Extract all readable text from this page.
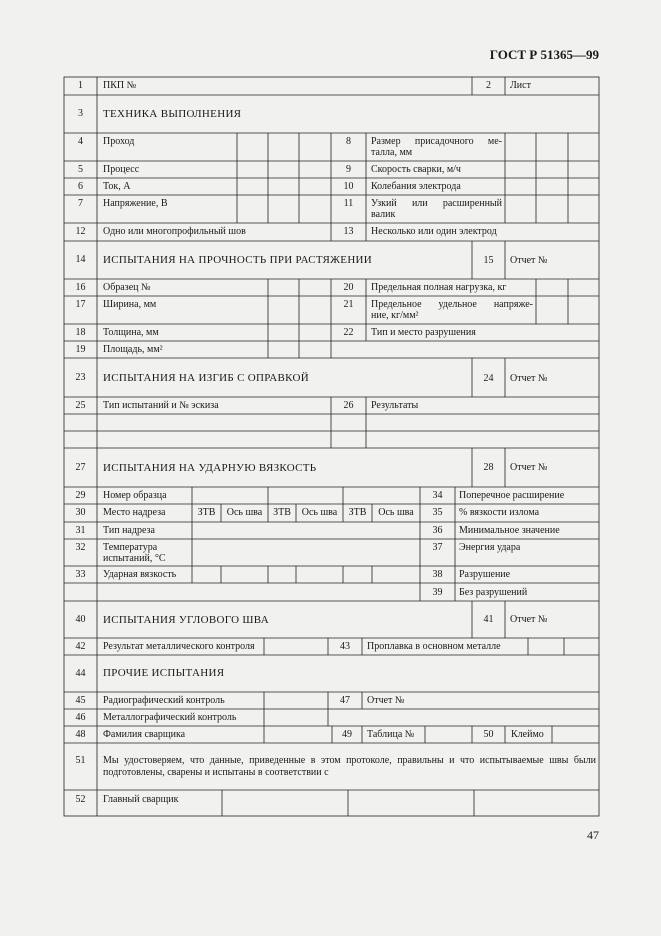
ГОСТ Р 51365—99
1	ПКП №	2	Лист
3	ТЕХНИКА ВЫПОЛНЕНИЯ
4	Проход	8	Размер присадочного ме-
талла, мм
5	Процесс	9	Скорость сварки, м/ч
6	Ток, А	10	Колебания электрода
7	Напряжение, В	11	Узкий или расширенный
валик
12	Одно или многопрофильный шов	13	Несколько или один электрод
14	ИСПЫТАНИЯ НА ПРОЧНОСТЬ ПРИ РАСТЯЖЕНИИ	15	Отчет №
16	Образец №	20	Предельная полная нагрузка, кг
17	Ширина, мм	21	Предельное удельное напряже-
ние, кг/мм²
18	Толщина, мм	22	Тип и место разрушения
19	Площадь, мм²
23	ИСПЫТАНИЯ НА ИЗГИБ С ОПРАВКОЙ	24	Отчет №
25	Тип испытаний и № эскиза	26	Результаты
27	ИСПЫТАНИЯ НА УДАРНУЮ ВЯЗКОСТЬ	28	Отчет №
29	Номер образца	34	Поперечное расширение
30	Место надреза	ЗТВ	Ось шва	ЗТВ	Ось шва	ЗТВ	Ось шва	35	% вязкости излома
31	Тип надреза	36	Минимальное значение
32	Температура
испытаний, °С
37	Энергия удара
33	Ударная вязкость	38	Разрушение
39	Без разрушений
40	ИСПЫТАНИЯ УГЛОВОГО ШВА	41	Отчет №
42	Результат металлического контроля	43	Проплавка в основном металле
44	ПРОЧИЕ ИСПЫТАНИЯ
45	Радиографический контроль	47	Отчет №
46	Металлографический контроль
48	Фамилия сварщика	49	Таблица №	50	Клеймо
51	Мы удостоверяем, что данные, приведенные в этом протоколе, правильны и что испытываемые швы были подготовлены, сварены и испытаны в соответствии с
52	Главный сварщик
47
